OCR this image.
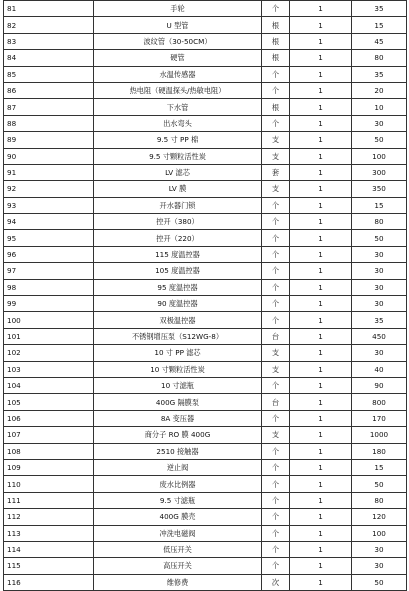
81	手轮	个	1	35
82	U 型管	根	1	15
83	波纹管（30-50CM）	根	1	45
84	硬管	根	1	80
85	水温传感器	个	1	35
86	热电阻（硬温探头/热敏电阻）	个	1	20
87	下水管	根	1	10
88	出水弯头	个	1	30
89	9.5 寸 PP 棉	支	1	50
90	9.5 寸颗粒活性炭	支	1	100
91	LV 滤芯	套	1	300
92	LV 膜	支	1	350
93	开水器门锁	个	1	15
94	控开（380）	个	1	80
95	控开（220）	个	1	50
96	115 度温控器	个	1	30
97	105 度温控器	个	1	30
98	95 度温控器	个	1	30
99	90 度温控器	个	1	30
100	双极温控器	个	1	35
101	不锈钢增压泵（S12WG-8）	台	1	450
102	10 寸 PP 滤芯	支	1	30
103	10 寸颗粒活性炭	支	1	40
104	10 寸滤瓶	个	1	90
105	400G 隔膜泵	台	1	800
106	8A 变压器	个	1	170
107	商分子 RO 膜 400G	支	1	1000
108	2510 接触器	个	1	180
109	逆止阀	个	1	15
110	废水比例器	个	1	50
111	9.5 寸滤瓶	个	1	80
112	400G 膜壳	个	1	120
113	冲洗电磁阀	个	1	100
114	低压开关	个	1	30
115	高压开关	个	1	30
116	维修费	次	1	50
